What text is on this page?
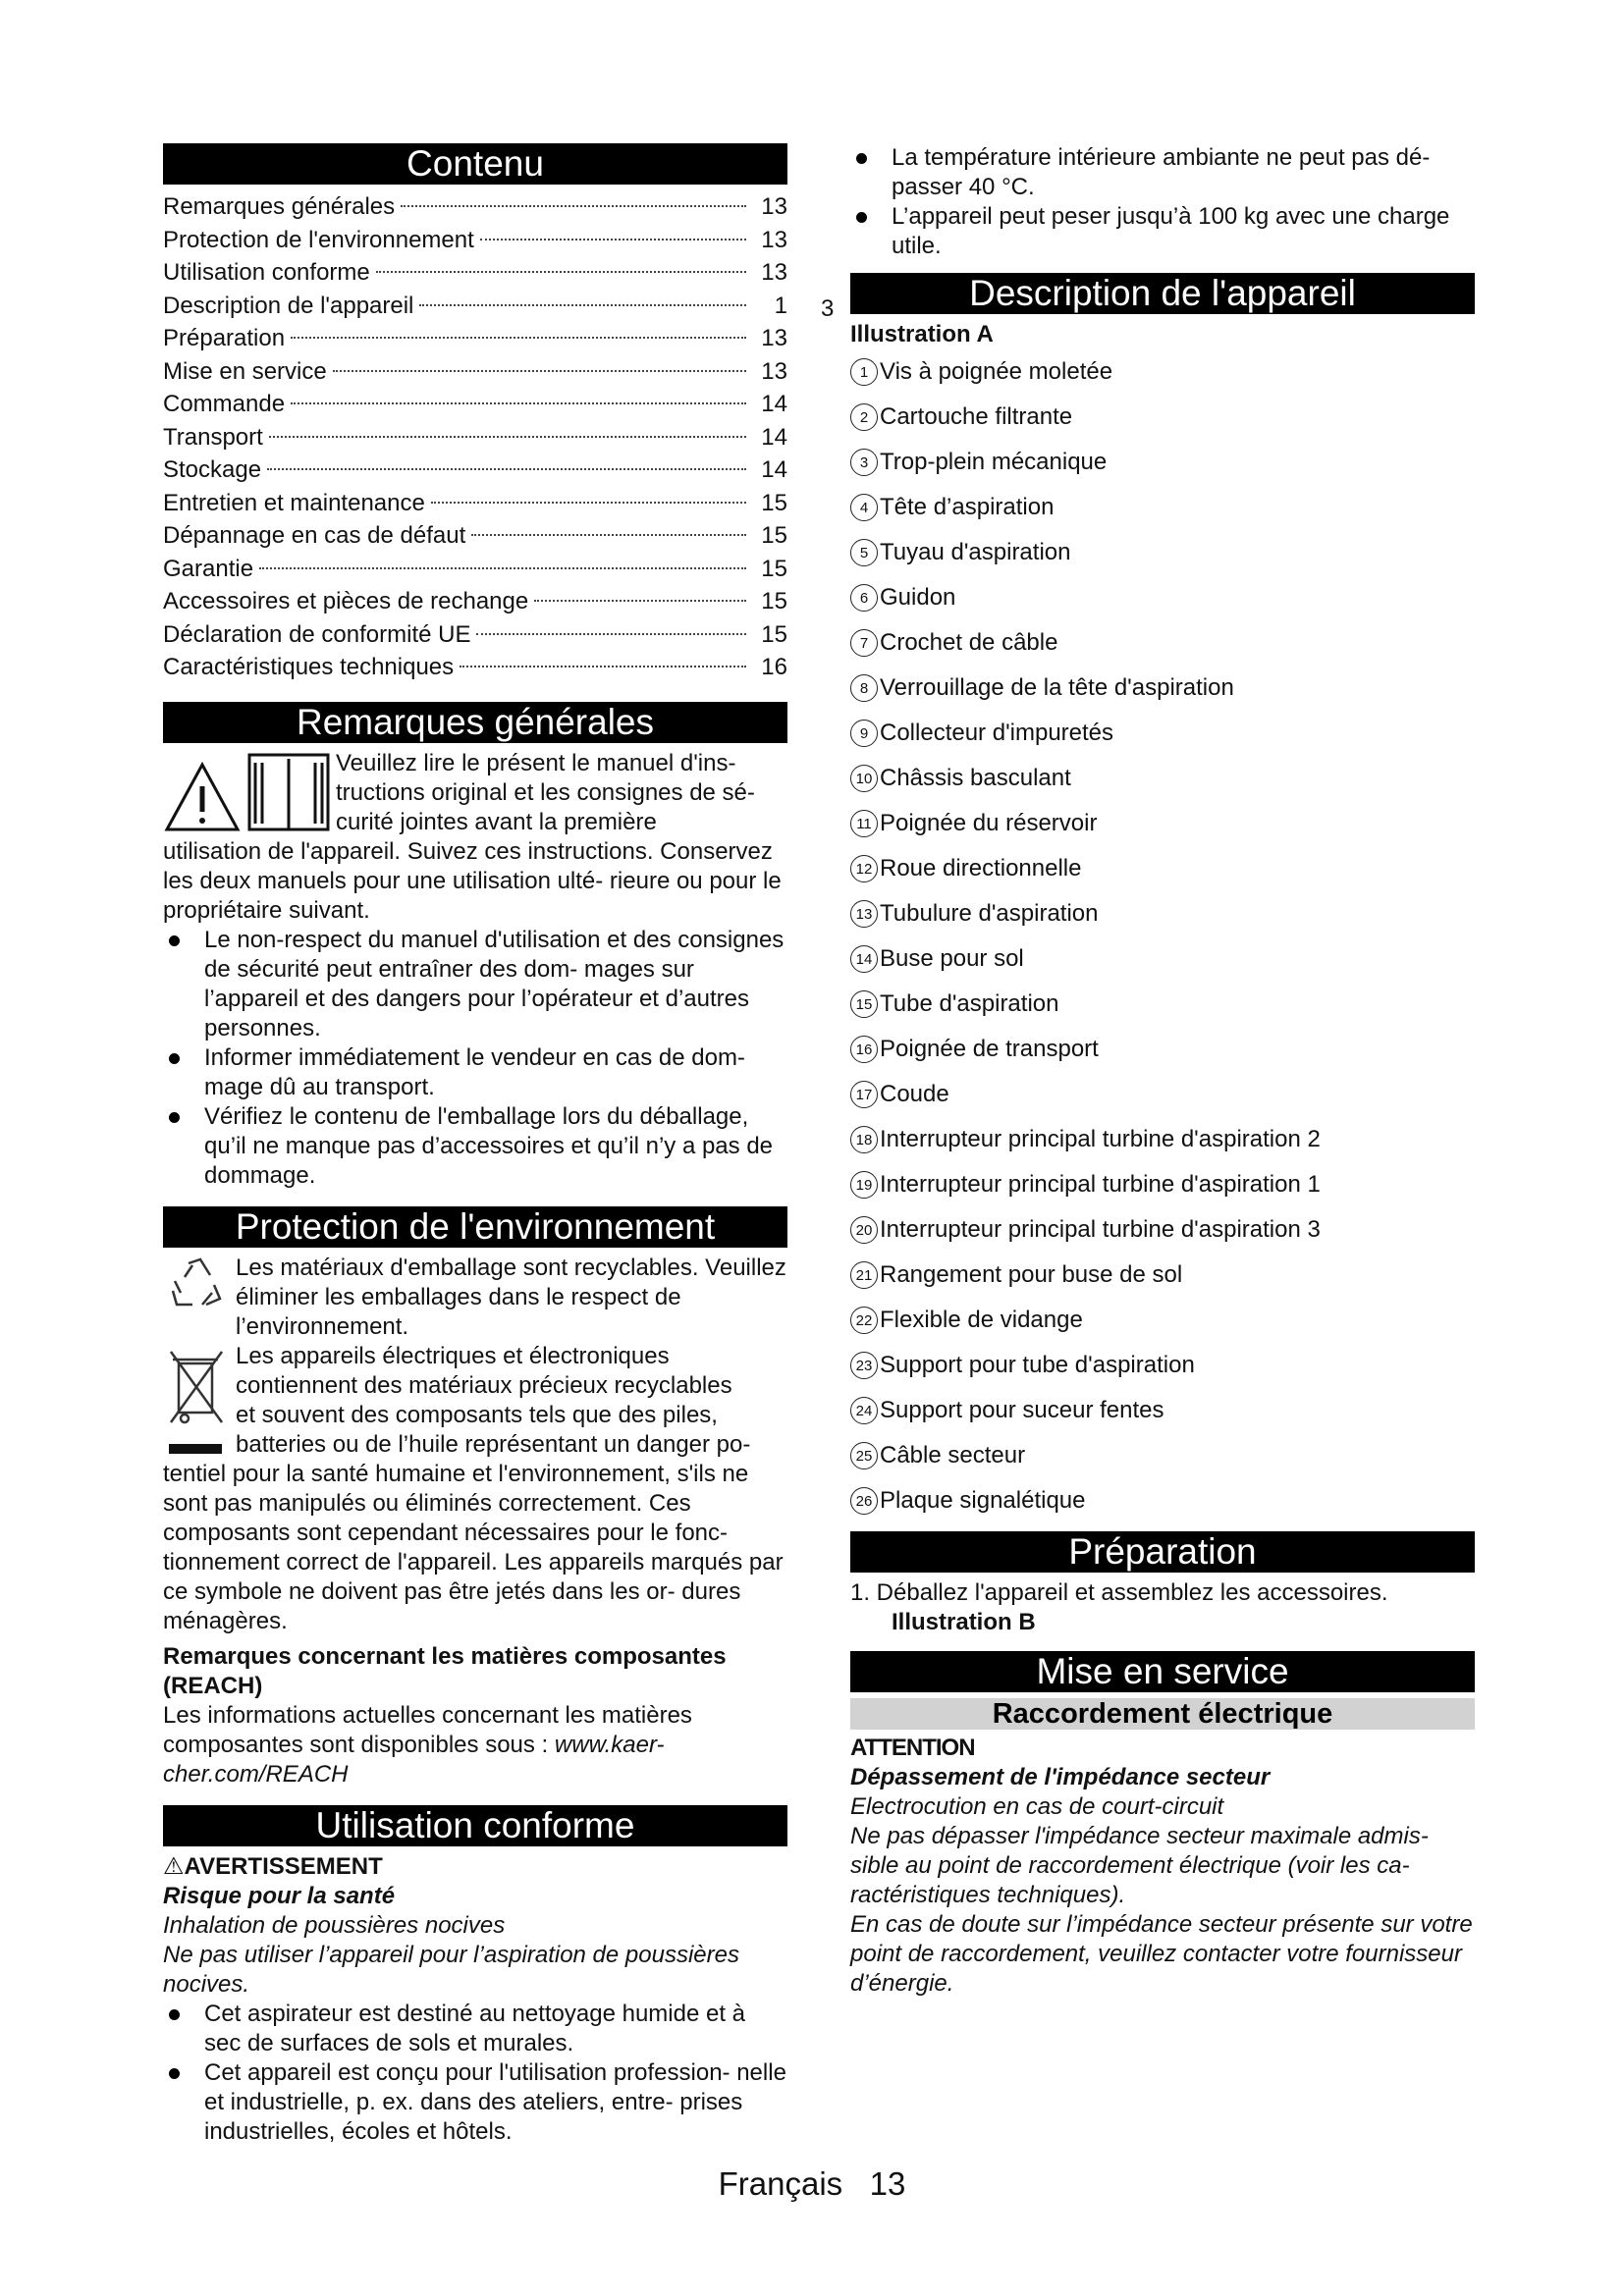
Contenu
Remarques générales	13
Protection de l'environnement	13
Utilisation conforme	13
Description de l'appareil	1
Préparation	13
Mise en service	13
Commande	14
Transport	14
Stockage	14
Entretien et maintenance	15
Dépannage en cas de défaut	15
Garantie	15
Accessoires et pièces de rechange	15
Déclaration de conformité UE	15
Caractéristiques techniques	16
Remarques générales

Veuillez lire le présent le manuel d'ins-

tructions original et les consignes de sé-

curité jointes avant la première

utilisation de l'appareil. Suivez ces instructions. Conservez les deux manuels pour une utilisation ulté- rieure ou pour le propriétaire suivant.

Le non-respect du manuel d'utilisation et des consignes de sécurité peut entraîner des dom- mages sur l’appareil et des dangers pour l’opérateur et d’autres personnes.
Informer immédiatement le vendeur en cas de dom- mage dû au transport.
Vérifiez le contenu de l'emballage lors du déballage, qu’il ne manque pas d’accessoires et qu’il n’y a pas de dommage.
Protection de l'environnement

Les matériaux d'emballage sont recyclables. Veuillez éliminer les emballages dans le respect de l’environnement.

Les appareils électriques et électroniques

contiennent des matériaux précieux recyclables

et souvent des composants tels que des piles,

batteries ou de l’huile représentant un danger po-

tentiel pour la santé humaine et l'environnement, s'ils ne sont pas manipulés ou éliminés correctement. Ces composants sont cependant nécessaires pour le fonc- tionnement correct de l'appareil. Les appareils marqués par ce symbole ne doivent pas être jetés dans les or- dures ménagères.

Remarques concernant les matières composantes (REACH)

Les informations actuelles concernant les matières composantes sont disponibles sous : www.kaer- cher.com/REACH

Utilisation conforme

⚠AVERTISSEMENT

Risque pour la santé

Inhalation de poussières nocives

Ne pas utiliser l’appareil pour l’aspiration de poussières nocives.

Cet aspirateur est destiné au nettoyage humide et à sec de surfaces de sols et murales.
Cet appareil est conçu pour l'utilisation profession- nelle et industrielle, p. ex. dans des ateliers, entre- prises industrielles, écoles et hôtels.
3
La température intérieure ambiante ne peut pas dé- passer 40 °C.
L’appareil peut peser jusqu’à 100 kg avec une charge utile.
Description de l'appareil

Illustration A

1 Vis à poignée moletée
2 Cartouche filtrante
3 Trop-plein mécanique
4 Tête d’aspiration
5 Tuyau d'aspiration
6 Guidon
7 Crochet de câble
8 Verrouillage de la tête d'aspiration
9 Collecteur d'impuretés
10 Châssis basculant
11 Poignée du réservoir
12 Roue directionnelle
13 Tubulure d'aspiration
14 Buse pour sol
15 Tube d'aspiration
16 Poignée de transport
17 Coude
18 Interrupteur principal turbine d'aspiration 2
19 Interrupteur principal turbine d'aspiration 1
20 Interrupteur principal turbine d'aspiration 3
21 Rangement pour buse de sol
22 Flexible de vidange
23 Support pour tube d'aspiration
24 Support pour suceur fentes
25 Câble secteur
26 Plaque signalétique
Préparation

1. Déballez l'appareil et assemblez les accessoires.

Illustration B

Mise en service
Raccordement électrique

ATTENTION

Dépassement de l'impédance secteur

Electrocution en cas de court-circuit

Ne pas dépasser l'impédance secteur maximale admis- sible au point de raccordement électrique (voir les ca- ractéristiques techniques).

En cas de doute sur l’impédance secteur présente sur votre point de raccordement, veuillez contacter votre fournisseur d’énergie.

Français 13
